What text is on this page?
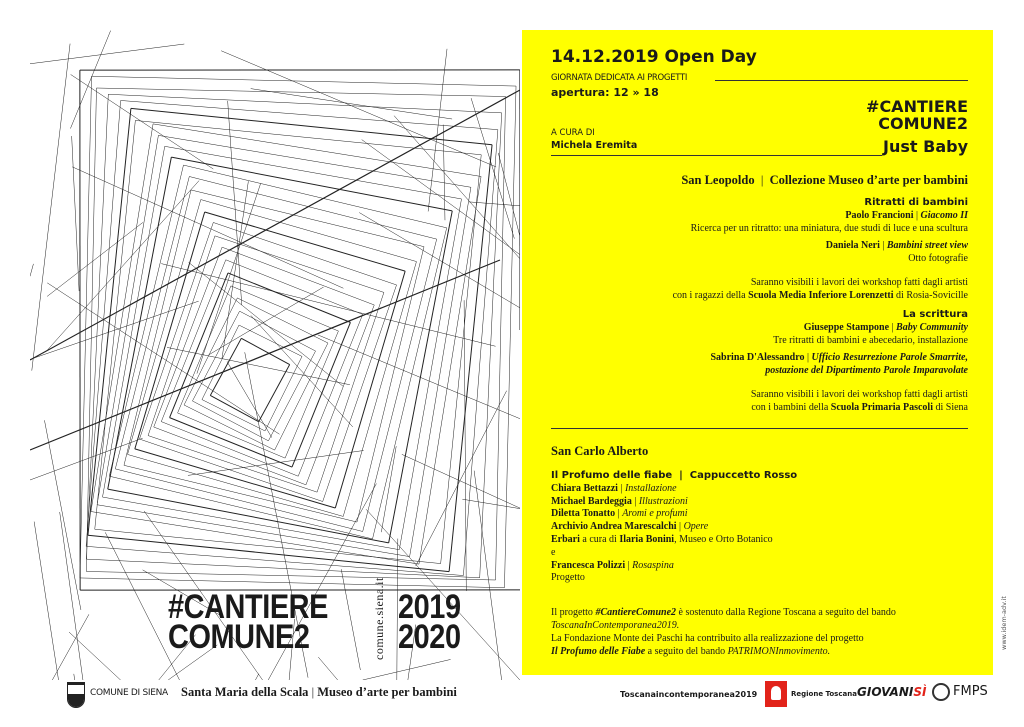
14.12.2019 Open Day
GIORNATA DEDICATA AI PROGETTI
apertura: 12 » 18
#CANTIERE
COMUNE2
A CURA DI
Michela Eremita	Just Baby
San Leopoldo  |  Collezione Museo d’arte per bambini
Ritratti di bambini
Paolo Francioni | Giacomo II
Ricerca per un ritratto: una miniatura, due studi di luce e una scultura
Daniela Neri | Bambini street view
Otto fotografie
Saranno visibili i lavori dei workshop fatti dagli artisti
con i ragazzi della Scuola Media Inferiore Lorenzetti di Rosia-Sovicille
La scrittura
Giuseppe Stampone | Baby Community
Tre ritratti di bambini e abecedario, installazione
Sabrina D'Alessandro | Ufficio Resurrezione Parole Smarrite,
postazione del Dipartimento Parole Imparavolate
Saranno visibili i lavori dei workshop fatti dagli artisti
con i bambini della Scuola Primaria Pascoli di Siena
San Carlo Alberto
Il Profumo delle fiabe  |  Cappuccetto Rosso
Chiara Bettazzi | Installazione
Michael Bardeggia | Illustrazioni
Diletta Tonatto | Aromi e profumi
Archivio Andrea Marescalchi | Opere
Erbari a cura di Ilaria Bonini, Museo e Orto Botanico
e
Francesca Polizzi | Rosaspina
Progetto
Il progetto #CantiereComune2 è sostenuto dalla Regione Toscana a seguito del bando
ToscanaInContemporanea2019.
La Fondazione Monte dei Paschi ha contribuito alla realizzazione del progetto
Il Profumo delle Fiabe a seguito del bando PATRIMONInmovimento.
#CANTIERE
COMUNE2	comune.siena.it 2019
2020
COMUNE DI SIENA Santa Maria della Scala | Museo d’arte per bambini	Toscanaincontemporanea2019	Regione Toscana GIOVANISÌ FMPS
www.idem-adv.it
